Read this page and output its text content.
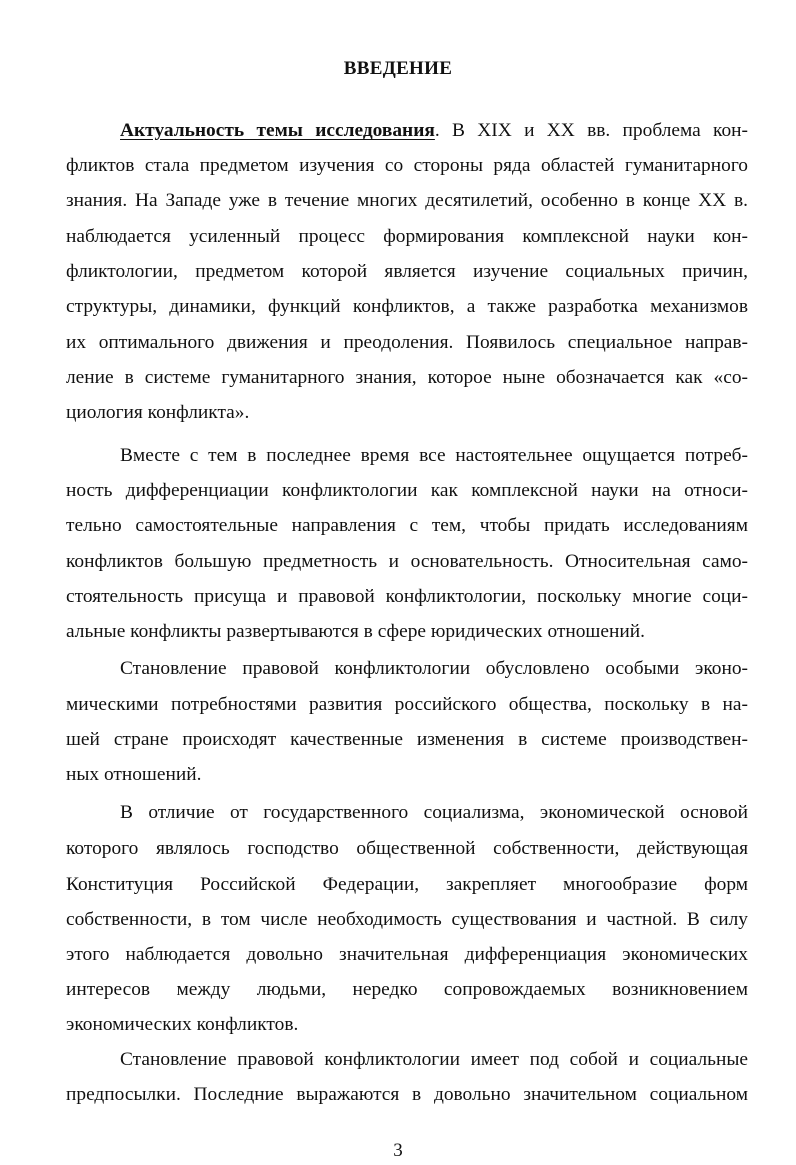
ВВЕДЕНИЕ
Актуальность темы исследования. В ХIХ и ХХ вв. проблема кон-
фликтов стала предметом изучения со стороны ряда областей гуманитарного
знания. На Западе уже в течение многих десятилетий, особенно в конце ХХ в.
наблюдается усиленный процесс формирования комплексной науки кон-
фликтологии, предметом которой является изучение социальных причин,
структуры, динамики, функций конфликтов, а также разработка механизмов
их оптимального движения и преодоления. Появилось специальное направ-
ление в системе гуманитарного знания, которое ныне обозначается как «со-
циология конфликта».
Вместе с тем в последнее время все настоятельнее ощущается потреб-
ность дифференциации конфликтологии как комплексной науки на относи-
тельно самостоятельные направления с тем, чтобы придать исследованиям
конфликтов большую предметность и основательность. Относительная само-
стоятельность присуща и правовой конфликтологии, поскольку многие соци-
альные конфликты развертываются в сфере юридических отношений.
Становление правовой конфликтологии обусловлено особыми эконо-
мическими потребностями развития российского общества, поскольку в на-
шей стране происходят качественные изменения в системе производствен-
ных отношений.
В отличие от государственного социализма, экономической основой
которого являлось господство общественной собственности, действующая
Конституция Российской Федерации, закрепляет многообразие форм
собственности, в том числе необходимость существования и частной. В силу
этого наблюдается довольно значительная дифференциация экономических
интересов между людьми, нередко сопровождаемых возникновением
экономических конфликтов.
Становление правовой конфликтологии имеет под собой и социальные
предпосылки. Последние выражаются в довольно значительном социальном
3
